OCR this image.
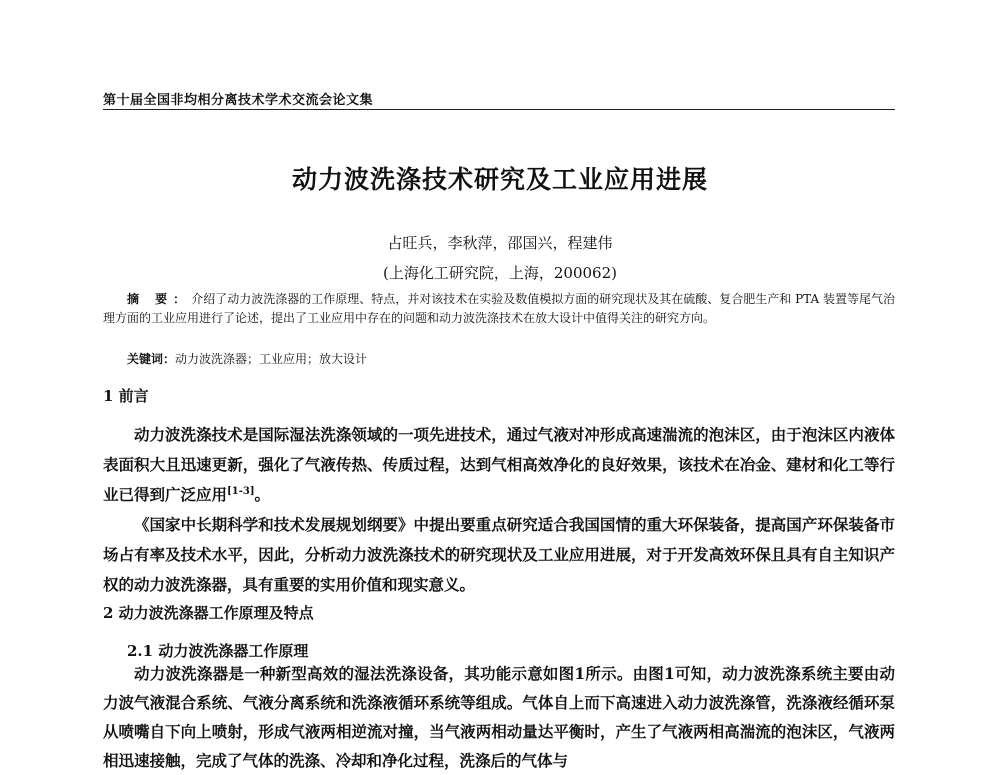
第十届全国非均相分离技术学术交流会论文集
动力波洗涤技术研究及工业应用进展
占旺兵，李秋萍，邵国兴，程建伟
(上海化工研究院，上海，200062)
摘 要：介绍了动力波洗涤器的工作原理、特点，并对该技术在实验及数值模拟方面的研究现状及其在硫酸、复合肥生产和 PTA 装置等尾气治理方面的工业应用进行了论述，提出了工业应用中存在的问题和动力波洗涤技术在放大设计中值得关注的研究方向。
关键词：动力波洗涤器；工业应用；放大设计
1 前言
动力波洗涤技术是国际湿法洗涤领域的一项先进技术，通过气液对冲形成高速湍流的泡沫区，由于泡沫区内液体表面积大且迅速更新，强化了气液传热、传质过程，达到气相高效净化的良好效果，该技术在冶金、建材和化工等行业已得到广泛应用[1-3]。
《国家中长期科学和技术发展规划纲要》中提出要重点研究适合我国国情的重大环保装备，提高国产环保装备市场占有率及技术水平，因此，分析动力波洗涤技术的研究现状及工业应用进展，对于开发高效环保且具有自主知识产权的动力波洗涤器，具有重要的实用价值和现实意义。
2 动力波洗涤器工作原理及特点
2.1 动力波洗涤器工作原理
动力波洗涤器是一种新型高效的湿法洗涤设备，其功能示意如图1所示。由图1可知，动力波洗涤系统主要由动力波气液混合系统、气液分离系统和洗涤液循环系统等组成。气体自上而下高速进入动力波洗涤管，洗涤液经循环泵从喷嘴自下向上喷射，形成气液两相逆流对撞，当气液两相动量达平衡时，产生了气液两相高湍流的泡沫区，气液两相迅速接触，完成了气体的洗涤、冷却和净化过程，洗涤后的气体与
